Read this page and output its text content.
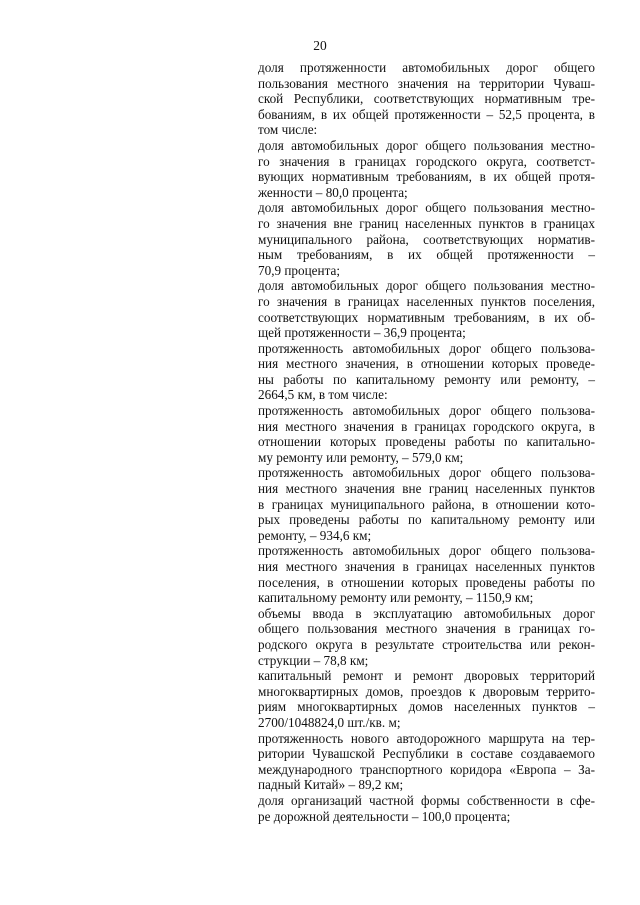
20
доля протяженности автомобильных дорог общего
пользования местного значения на территории Чуваш-
ской Республики, соответствующих нормативным тре-
бованиям, в их общей протяженности – 52,5 процента, в
том числе:
доля автомобильных дорог общего пользования местно-
го значения в границах городского округа, соответст-
вующих нормативным требованиям, в их общей протя-
женности – 80,0 процента;
доля автомобильных дорог общего пользования местно-
го значения вне границ населенных пунктов в границах
муниципального района, соответствующих норматив-
ным требованиям, в их общей протяженности –
70,9 процента;
доля автомобильных дорог общего пользования местно-
го значения в границах населенных пунктов поселения,
соответствующих нормативным требованиям, в их об-
щей протяженности – 36,9 процента;
протяженность автомобильных дорог общего пользова-
ния местного значения, в отношении которых проведе-
ны работы по капитальному ремонту или ремонту, –
2664,5 км, в том числе:
протяженность автомобильных дорог общего пользова-
ния местного значения в границах городского округа, в
отношении которых проведены работы по капитально-
му ремонту или ремонту, – 579,0 км;
протяженность автомобильных дорог общего пользова-
ния местного значения вне границ населенных пунктов
в границах муниципального района, в отношении кото-
рых проведены работы по капитальному ремонту или
ремонту, – 934,6 км;
протяженность автомобильных дорог общего пользова-
ния местного значения в границах населенных пунктов
поселения, в отношении которых проведены работы по
капитальному ремонту или ремонту, – 1150,9 км;
объемы ввода в эксплуатацию автомобильных дорог
общего пользования местного значения в границах го-
родского округа в результате строительства или рекон-
струкции – 78,8 км;
капитальный ремонт и ремонт дворовых территорий
многоквартирных домов, проездов к дворовым террито-
риям многоквартирных домов населенных пунктов –
2700/1048824,0 шт./кв. м;
протяженность нового автодорожного маршрута на тер-
ритории Чувашской Республики в составе создаваемого
международного транспортного коридора «Европа – За-
падный Китай» – 89,2 км;
доля организаций частной формы собственности в сфе-
ре дорожной деятельности – 100,0 процента;
